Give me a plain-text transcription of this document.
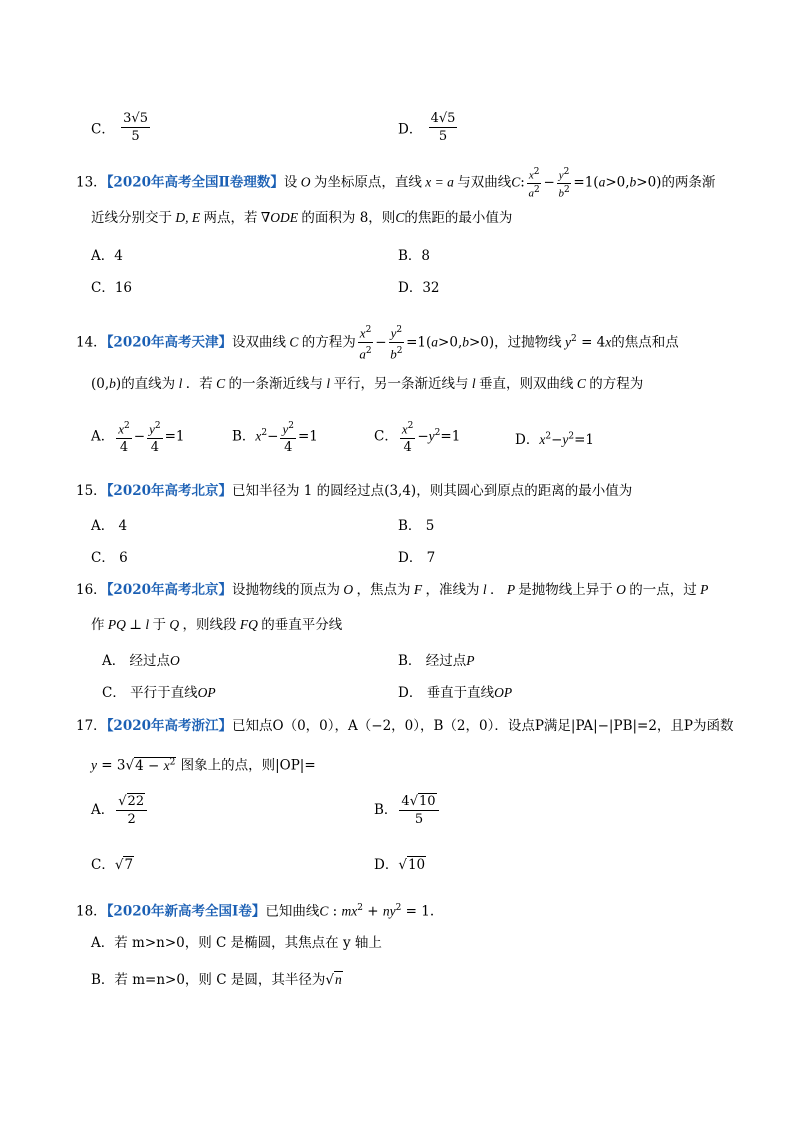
C． $\frac{3√5}{5}$	D． $\frac{4√5}{5}$
13．【2020年高考全国Ⅱ卷理数】设 O 为坐标原点，直线 x = a 与双曲线C: $\frac{x^2}{a^2} - \frac{y^2}{b^2} =1(a>0,b>0)$的两条渐
近线分别交于 D, E 两点，若 ∇ODE 的面积为 8，则C的焦距的最小值为
A．4	B．8
C．16	D．32
14．【2020年高考天津】设双曲线 C 的方程为 $\frac{x^2}{a^2} - \frac{y^2}{b^2} =1(a>0,b>0)$，过抛物线 $y^2 = 4x$的焦点和点
(0,b)的直线为 l ．若 C 的一条渐近线与 l 平行，另一条渐近线与 l 垂直，则双曲线 C 的方程为
A． $\frac{x^2}{4} - \frac{y^2}{4} =1$	B．$x^2- \frac{y^2}{4} =1$	C． $\frac{x^2}{4} -y^2=1$	D．$x^2-y^2=1$
15．【2020年高考北京】已知半径为 1 的圆经过点(3,4)，则其圆心到原点的距离的最小值为
A． 4	B． 5
C． 6	D． 7
16．【2020年高考北京】设抛物线的顶点为 O ，焦点为 F ，准线为 l ． P 是抛物线上异于 O 的一点，过 P
作 PQ ⊥ l 于 Q ，则线段 FQ 的垂直平分线
A． 经过点O	B． 经过点P
C． 平行于直线OP	D． 垂直于直线OP
17．【2020年高考浙江】已知点O（0，0），A（−2，0），B（2，0）．设点P满足|PA|−|PB|=2，且P为函数
$y = 3√4 - x^2$ 图象上的点，则|OP|=
A． $\frac{√22}{2}$	B． $\frac{4√10}{5}$
C．√7	D．√10
18．【2020年新高考全国Ⅰ卷】已知曲线C : $mx^2 + ny^2 = 1$.
A．若 m>n>0，则 C 是椭圆，其焦点在 y 轴上
B．若 m=n>0，则 C 是圆，其半径为√n
